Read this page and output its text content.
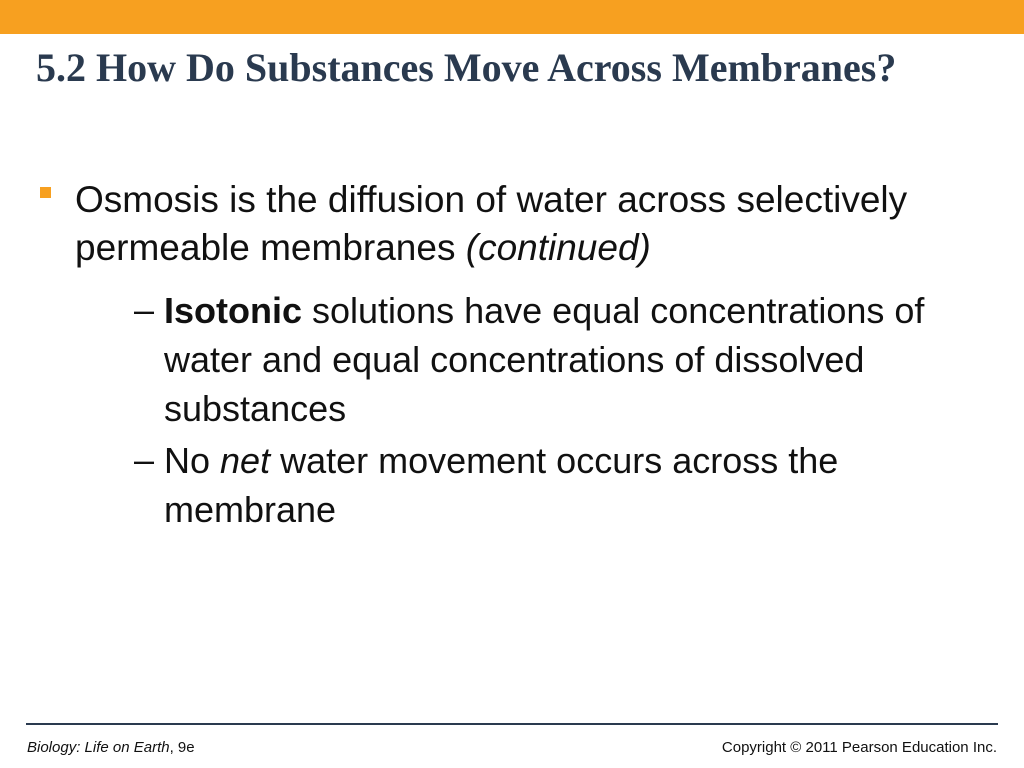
5.2 How Do Substances Move Across Membranes?

Osmosis is the diffusion of water across selectively permeable membranes (continued)

– Isotonic solutions have equal concentrations of water and equal concentrations of dissolved substances

– No net water movement occurs across the membrane

Biology: Life on Earth, 9e	Copyright © 2011 Pearson Education Inc.
